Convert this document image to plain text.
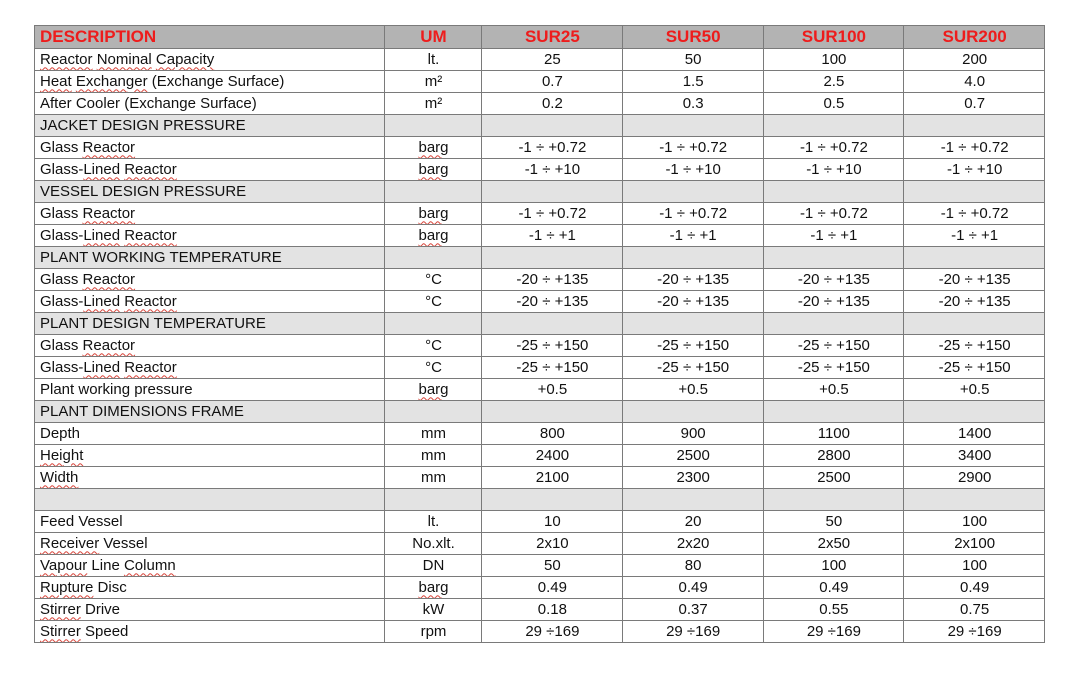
DESCRIPTION	UM	SUR25	SUR50	SUR100	SUR200
Reactor Nominal Capacity	lt.	25	50	100	200
Heat Exchanger (Exchange Surface)	m²	0.7	1.5	2.5	4.0
After Cooler (Exchange Surface)	m²	0.2	0.3	0.5	0.7
JACKET DESIGN PRESSURE					
Glass Reactor	barg	-1 ÷ +0.72	-1 ÷ +0.72	-1 ÷ +0.72	-1 ÷ +0.72
Glass-Lined Reactor	barg	-1 ÷ +10	-1 ÷ +10	-1 ÷ +10	-1 ÷ +10
VESSEL DESIGN PRESSURE					
Glass Reactor	barg	-1 ÷ +0.72	-1 ÷ +0.72	-1 ÷ +0.72	-1 ÷ +0.72
Glass-Lined Reactor	barg	-1 ÷ +1	-1 ÷ +1	-1 ÷ +1	-1 ÷ +1
PLANT WORKING TEMPERATURE					
Glass Reactor	°C	-20 ÷ +135	-20 ÷ +135	-20 ÷ +135	-20 ÷ +135
Glass-Lined Reactor	°C	-20 ÷ +135	-20 ÷ +135	-20 ÷ +135	-20 ÷ +135
PLANT DESIGN TEMPERATURE					
Glass Reactor	°C	-25 ÷ +150	-25 ÷ +150	-25 ÷ +150	-25 ÷ +150
Glass-Lined Reactor	°C	-25 ÷ +150	-25 ÷ +150	-25 ÷ +150	-25 ÷ +150
Plant working pressure	barg	+0.5	+0.5	+0.5	+0.5
PLANT DIMENSIONS FRAME					
Depth	mm	800	900	1100	1400
Height	mm	2400	2500	2800	3400
Width	mm	2100	2300	2500	2900

Feed Vessel	lt.	10	20	50	100
Receiver Vessel	No.xlt.	2x10	2x20	2x50	2x100
Vapour Line Column	DN	50	80	100	100
Rupture Disc	barg	0.49	0.49	0.49	0.49
Stirrer Drive	kW	0.18	0.37	0.55	0.75
Stirrer Speed	rpm	29 ÷169	29 ÷169	29 ÷169	29 ÷169
